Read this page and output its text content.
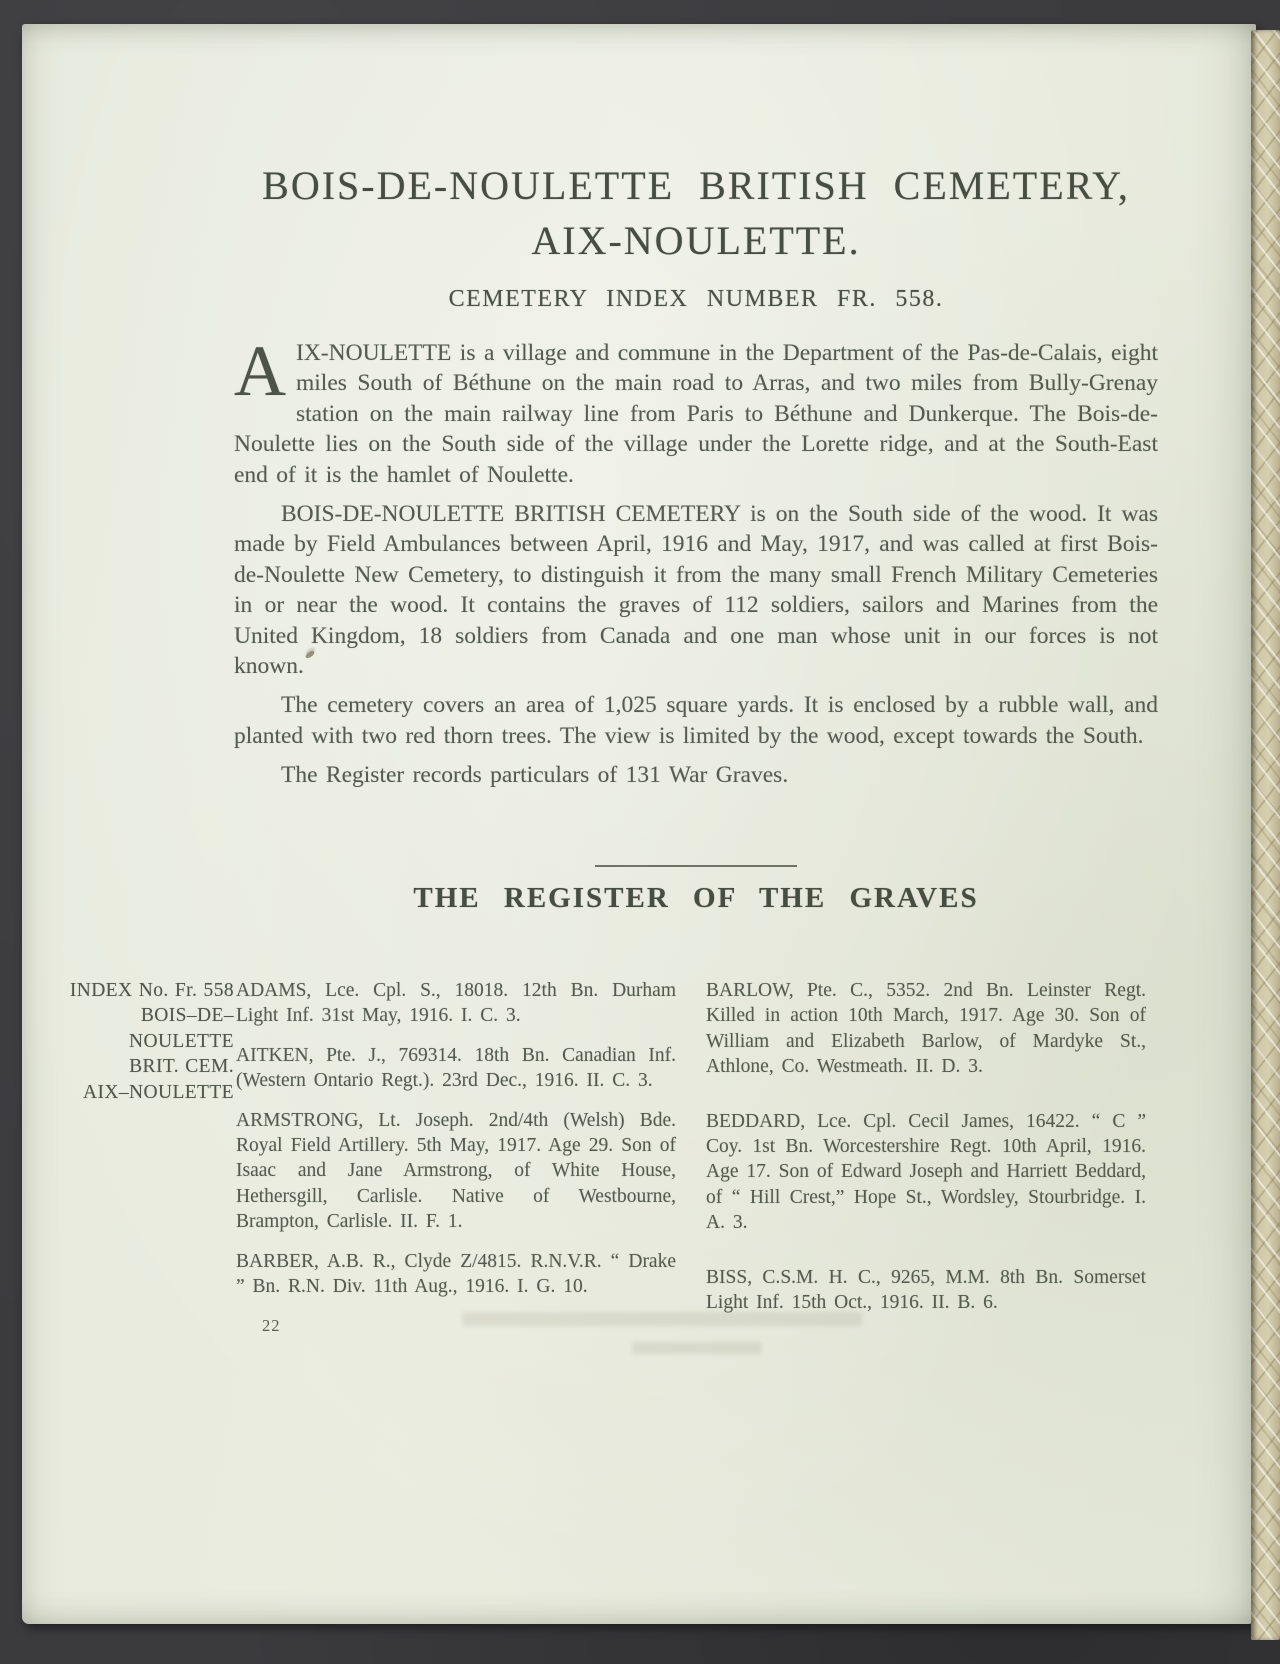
BOIS-DE-NOULETTE BRITISH CEMETERY,
AIX-NOULETTE.
CEMETERY INDEX NUMBER FR. 558.

AIX-NOULETTE is a village and commune in the Department of the Pas-de-Calais, eight miles South of Béthune on the main road to Arras, and two miles from Bully-Grenay station on the main railway line from Paris to Béthune and Dunkerque. The Bois-de-Noulette lies on the South side of the village under the Lorette ridge, and at the South-East end of it is the hamlet of Noulette.

BOIS-DE-NOULETTE BRITISH CEMETERY is on the South side of the wood. It was made by Field Ambulances between April, 1916 and May, 1917, and was called at first Bois-de-Noulette New Cemetery, to distinguish it from the many small French Military Cemeteries in or near the wood. It contains the graves of 112 soldiers, sailors and Marines from the United Kingdom, 18 soldiers from Canada and one man whose unit in our forces is not known.

The cemetery covers an area of 1,025 square yards. It is enclosed by a rubble wall, and planted with two red thorn trees. The view is limited by the wood, except towards the South.

The Register records particulars of 131 War Graves.

THE REGISTER OF THE GRAVES
INDEX No. Fr. 558
BOIS–DE–
NOULETTE
BRIT. CEM.
AIX–NOULETTE

ADAMS, Lce. Cpl. S., 18018. 12th Bn. Durham Light Inf. 31st May, 1916. I. C. 3.

AITKEN, Pte. J., 769314. 18th Bn. Canadian Inf. (Western Ontario Regt.). 23rd Dec., 1916. II. C. 3.

ARMSTRONG, Lt. Joseph. 2nd/4th (Welsh) Bde. Royal Field Artillery. 5th May, 1917. Age 29. Son of Isaac and Jane Armstrong, of White House, Hethersgill, Carlisle. Native of Westbourne, Brampton, Carlisle. II. F. 1.

BARBER, A.B. R., Clyde Z/4815. R.N.V.R. “ Drake ” Bn. R.N. Div. 11th Aug., 1916. I. G. 10.

BARLOW, Pte. C., 5352. 2nd Bn. Leinster Regt. Killed in action 10th March, 1917. Age 30. Son of William and Elizabeth Barlow, of Mardyke St., Athlone, Co. Westmeath. II. D. 3.

BEDDARD, Lce. Cpl. Cecil James, 16422. “ C ” Coy. 1st Bn. Worcestershire Regt. 10th April, 1916. Age 17. Son of Edward Joseph and Harriett Beddard, of “ Hill Crest,” Hope St., Wordsley, Stourbridge. I. A. 3.

BISS, C.S.M. H. C., 9265, M.M. 8th Bn. Somerset Light Inf. 15th Oct., 1916. II. B. 6.

22
